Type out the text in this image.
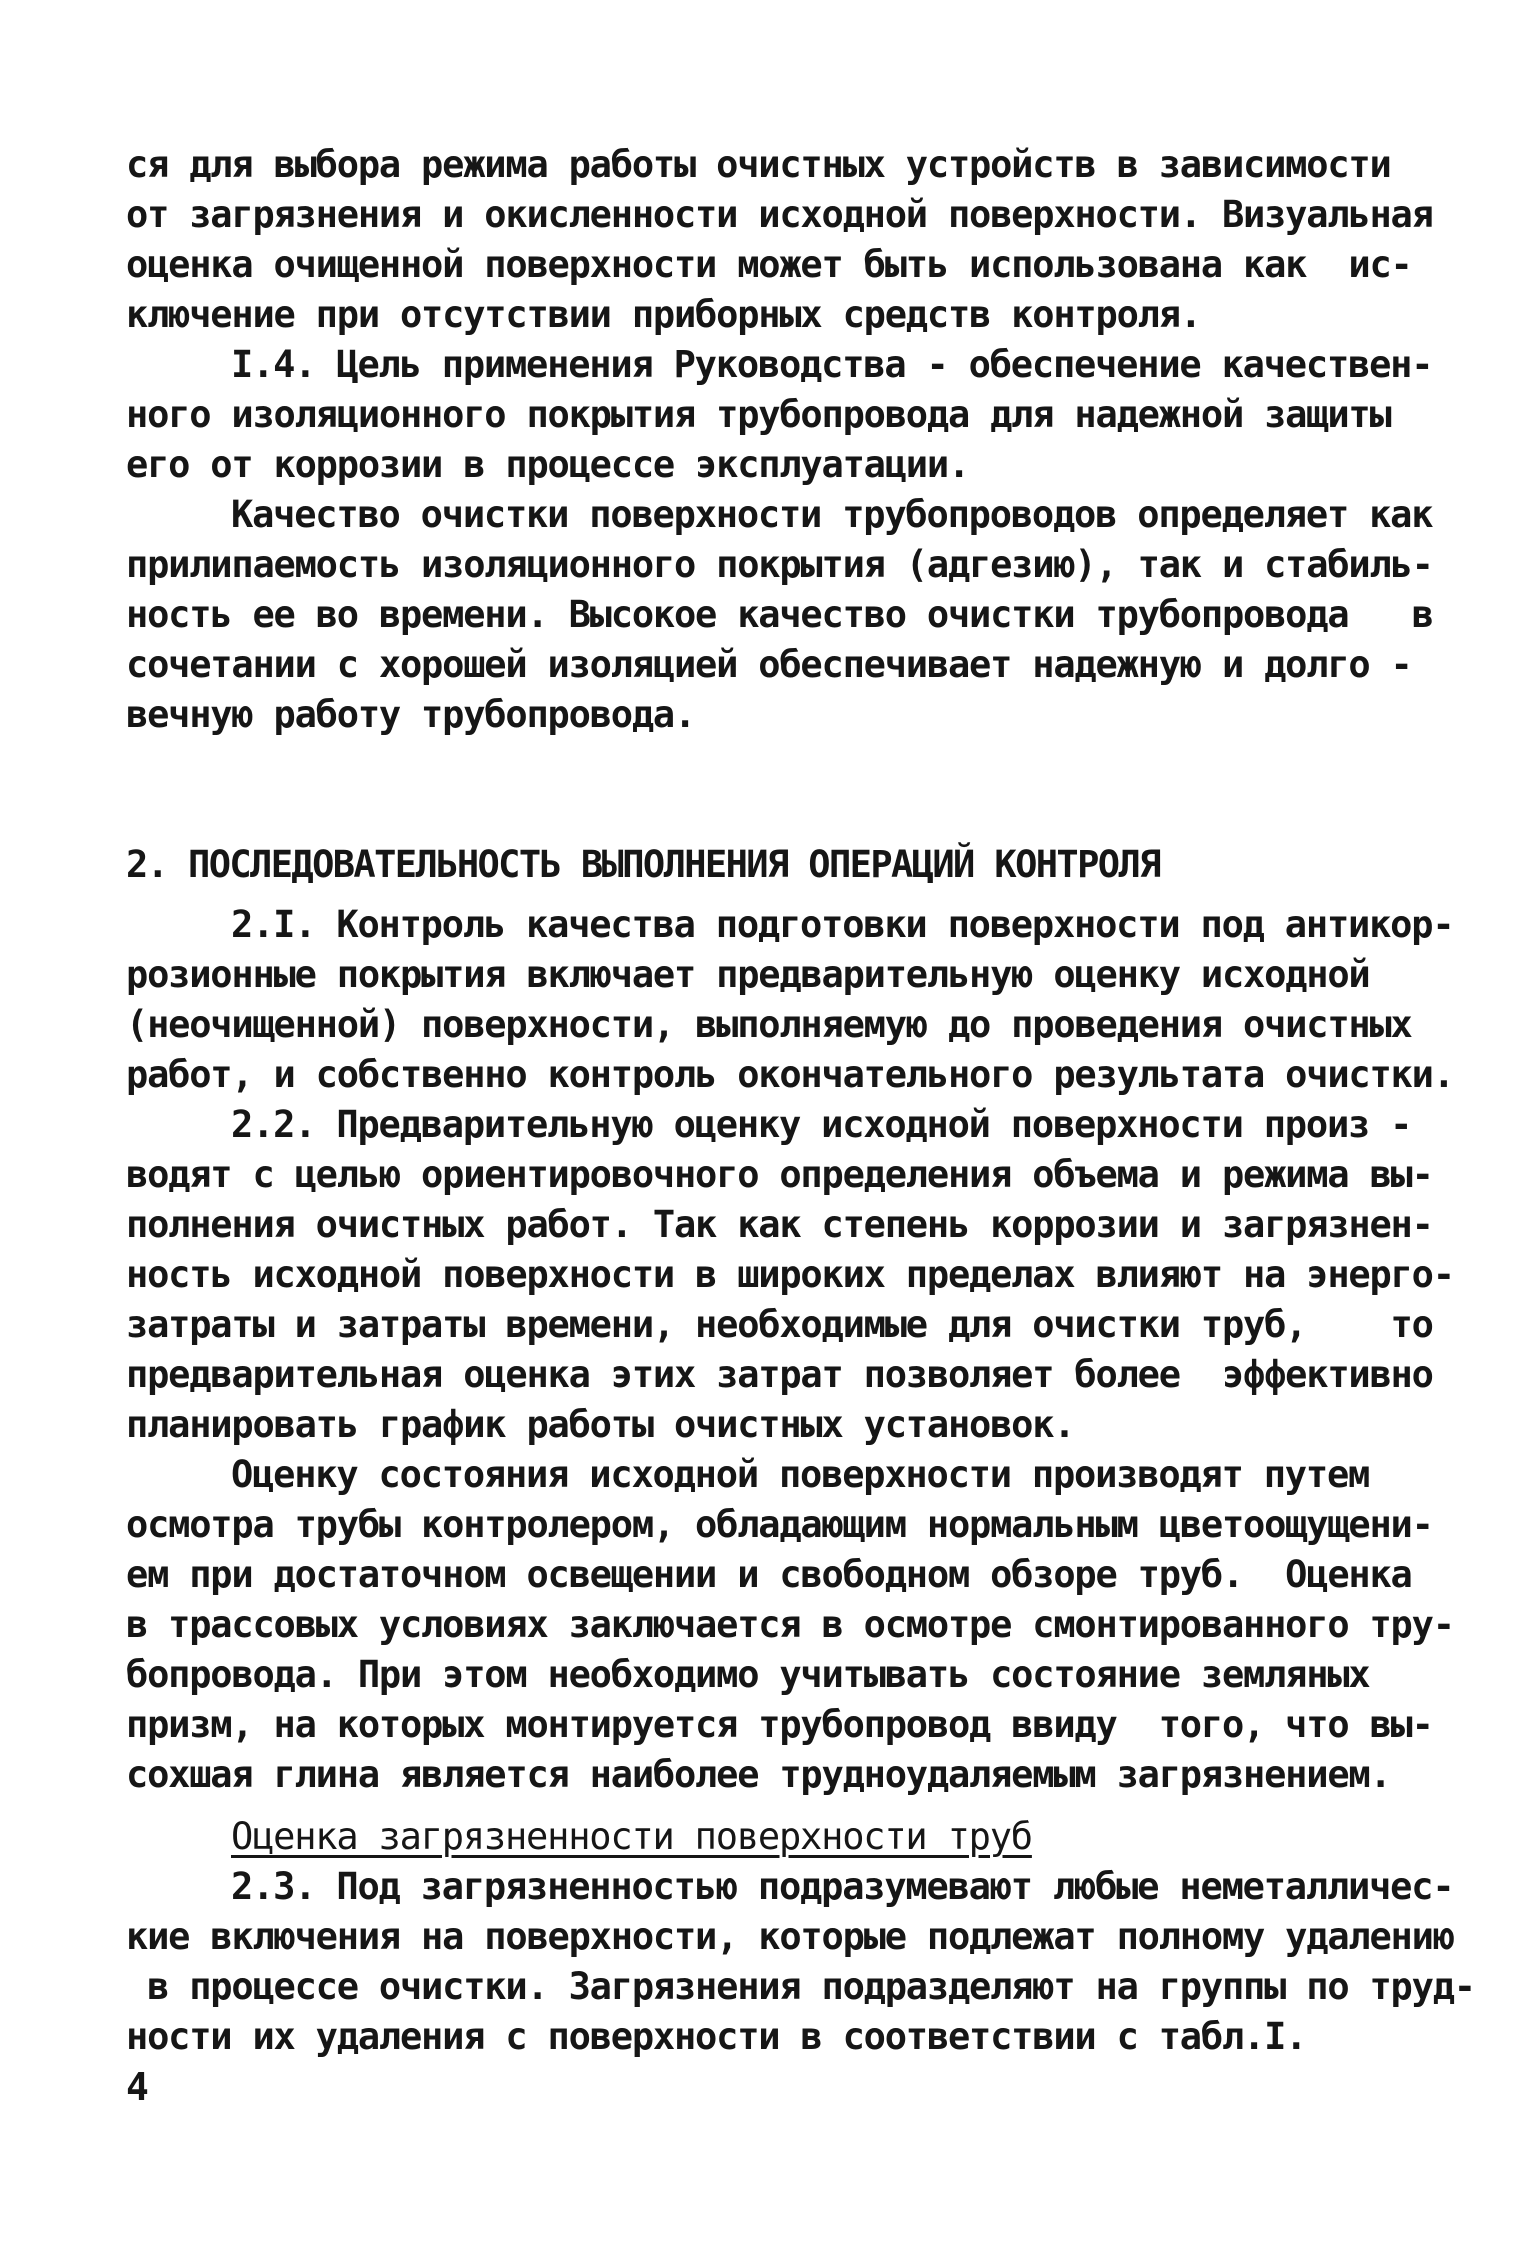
ся для выбора режима работы очистных устройств в зависимости
от загрязнения и окисленности исходной поверхности. Визуальная
оценка очищенной поверхности может быть использована как  ис-
ключение при отсутствии приборных средств контроля.
I.4. Цель применения Руководства - обеспечение качествен-
ного изоляционного покрытия трубопровода для надежной защиты
его от коррозии в процессе эксплуатации.
Качество очистки поверхности трубопроводов определяет как
прилипаемость изоляционного покрытия (адгезию), так и стабиль-
ность ее во времени. Высокое качество очистки трубопровода   в
сочетании с хорошей изоляцией обеспечивает надежную и долго -
вечную работу трубопровода.
2. ПОСЛЕДОВАТЕЛЬНОСТЬ ВЫПОЛНЕНИЯ ОПЕРАЦИЙ КОНТРОЛЯ
2.I. Контроль качества подготовки поверхности под антикор-
розионные покрытия включает предварительную оценку исходной
(неочищенной) поверхности, выполняемую до проведения очистных
работ, и собственно контроль окончательного результата очистки.
2.2. Предварительную оценку исходной поверхности произ -
водят с целью ориентировочного определения объема и режима вы-
полнения очистных работ. Так как степень коррозии и загрязнен-
ность исходной поверхности в широких пределах влияют на энерго-
затраты и затраты времени, необходимые для очистки труб,    то
предварительная оценка этих затрат позволяет более  эффективно
планировать график работы очистных установок.
Оценку состояния исходной поверхности производят путем
осмотра трубы контролером, обладающим нормальным цветоощущени-
ем при достаточном освещении и свободном обзоре труб.  Оценка
в трассовых условиях заключается в осмотре смонтированного тру-
бопровода. При этом необходимо учитывать состояние земляных
призм, на которых монтируется трубопровод ввиду  того, что вы-
сохшая глина является наиболее трудноудаляемым загрязнением.
Оценка загрязненности поверхности труб
2.3. Под загрязненностью подразумевают любые неметалличес-
кие включения на поверхности, которые подлежат полному удалению
в процессе очистки. Загрязнения подразделяют на группы по труд-
ности их удаления с поверхности в соответствии с табл.I.
4
